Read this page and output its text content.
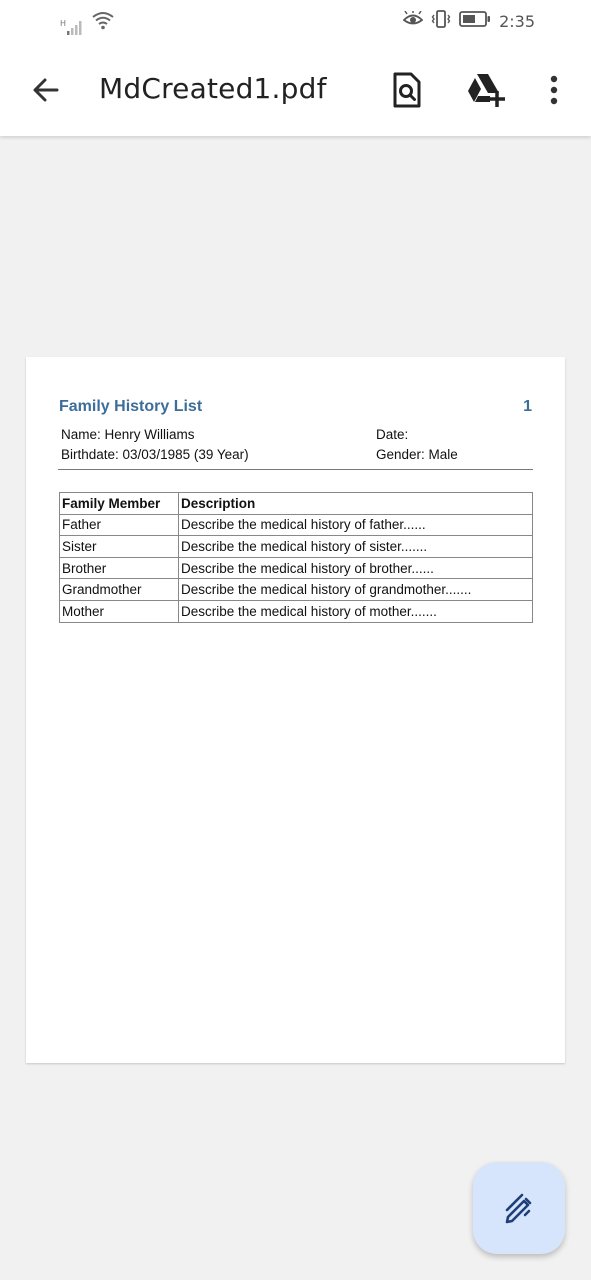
H	2:35
MdCreated1.pdf
Family History List	1
Name: Henry Williams
Birthdate: 03/03/1985 (39 Year)
Date:
Gender: Male
Family Member	Description
Father	Describe the medical history of father......
Sister	Describe the medical history of sister.......
Brother	Describe the medical history of brother......
Grandmother	Describe the medical history of grandmother.......
Mother	Describe the medical history of mother.......
